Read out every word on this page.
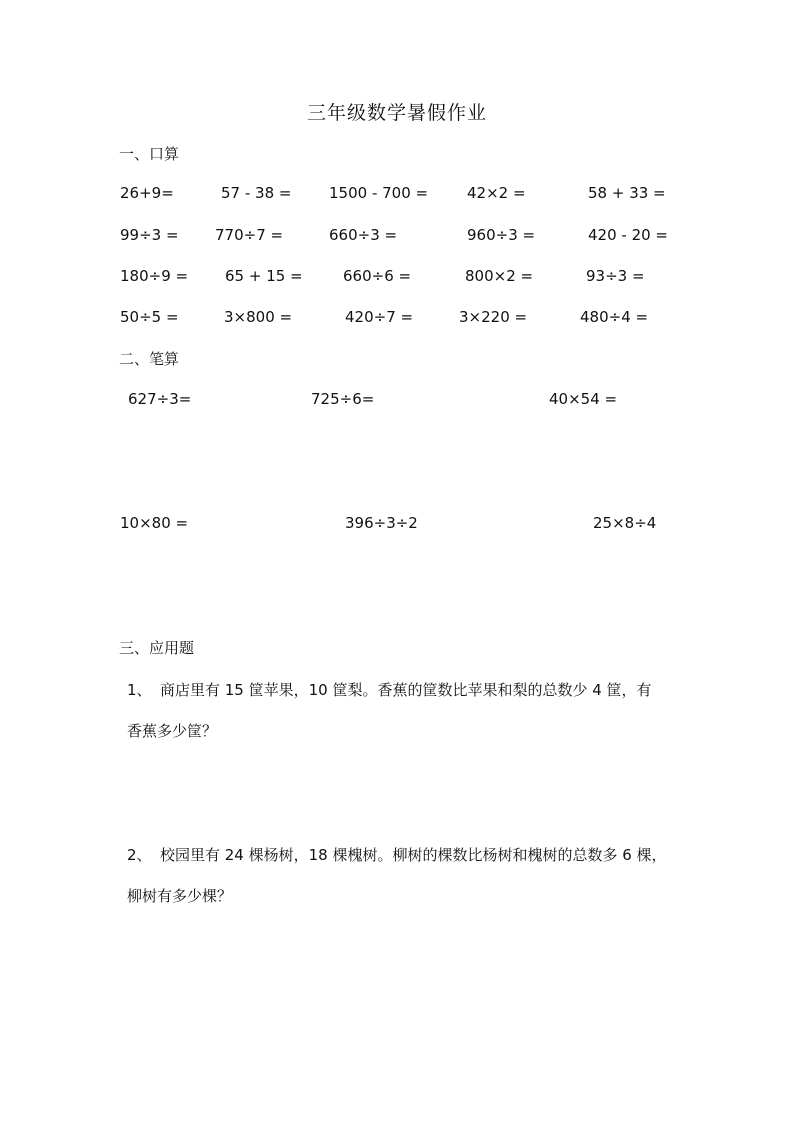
三年级数学暑假作业
一、口算
26+9=	57 - 38 =	1500 - 700 =	42×2 =	58 + 33 =
99÷3 = 770÷7 =	660÷3 =	960÷3 =	420 - 20 =
180÷9 = 65 + 15 =	660÷6 =	800×2 =	93÷3 =
50÷5 =	3×800 =	420÷7 =	3×220 =	480÷4 =
二、笔算
627÷3=	725÷6=	40×54 =
10×80 =	396÷3÷2	25×8÷4
三、应用题
1、 商店里有 15 筐苹果，10 筐梨。香蕉的筐数比苹果和梨的总数少 4 筐，有
香蕉多少筐？
2、 校园里有 24 棵杨树，18 棵槐树。柳树的棵数比杨树和槐树的总数多 6 棵，
柳树有多少棵？
